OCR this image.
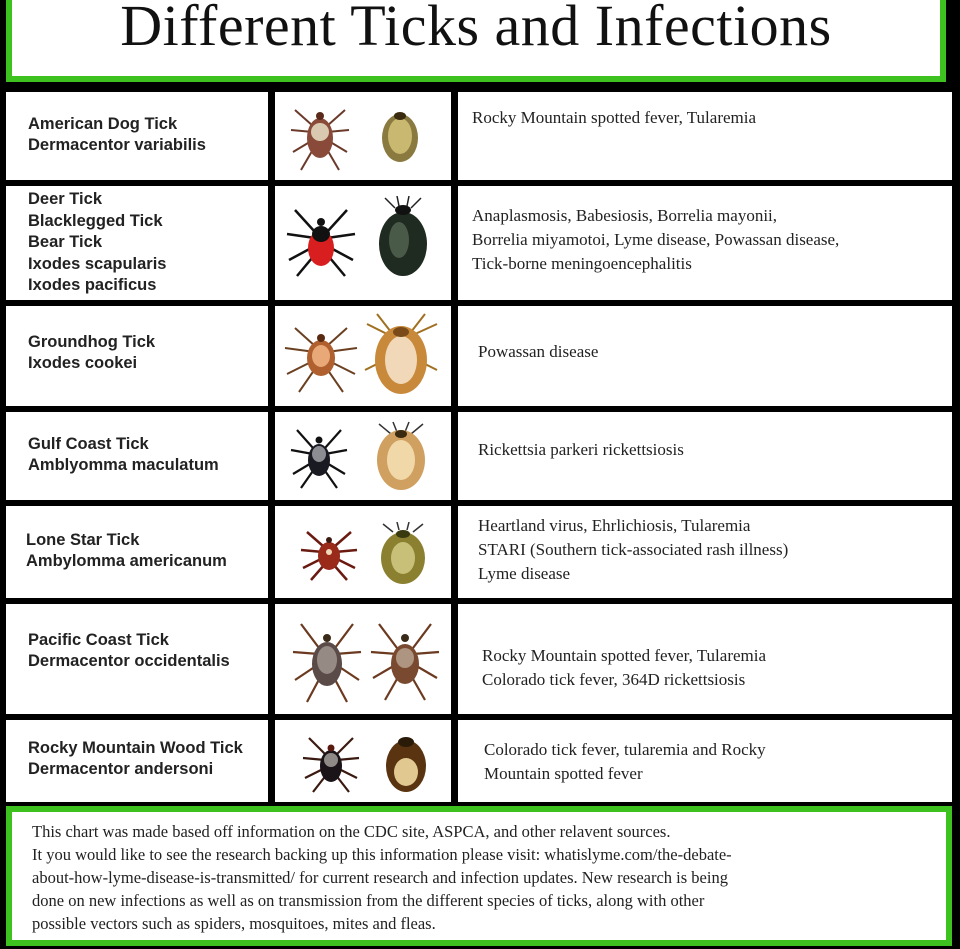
Different Ticks and Infections
American Dog Tick
Dermacentor variabilis
Rocky Mountain spotted fever, Tularemia
Deer Tick
Blacklegged Tick
Bear Tick
Ixodes scapularis
Ixodes pacificus
Anaplasmosis, Babesiosis, Borrelia mayonii,
Borrelia miyamotoi, Lyme disease, Powassan disease,
Tick-borne meningoencephalitis
Groundhog Tick
Ixodes cookei
Powassan disease
Gulf Coast Tick
Amblyomma maculatum
Rickettsia parkeri rickettsiosis
Lone Star Tick
Ambylomma americanum
Heartland virus, Ehrlichiosis, Tularemia
STARI (Southern tick-associated rash illness)
Lyme disease
Pacific Coast Tick
Dermacentor occidentalis	Rocky Mountain spotted fever, Tularemia
Colorado tick fever, 364D rickettsiosis
Rocky Mountain Wood Tick
Dermacentor andersoni
Colorado tick fever, tularemia and Rocky
Mountain spotted fever
This chart was made based off information on the CDC site, ASPCA, and other relavent sources.
It you would like to see the research backing up this information please visit: whatislyme.com/the-debate-
about-how-lyme-disease-is-transmitted/ for current research and infection updates. New research is being
done on new infections as well as on transmission from the different species of ticks, along with other
possible vectors such as spiders, mosquitoes, mites and fleas.
